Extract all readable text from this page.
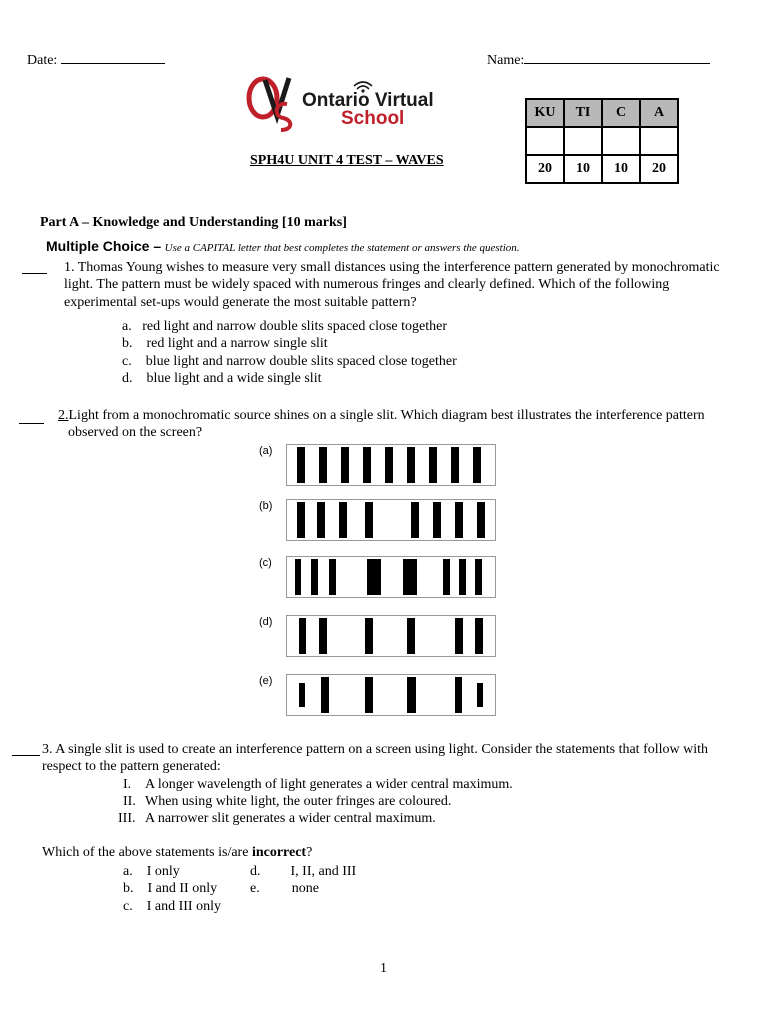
Date:	Name:
Ontario Virtual
School
SPH4U UNIT 4 TEST – WAVES
KU	TI	C	A

20	10	10	20
Part A – Knowledge and Understanding [10 marks]
Multiple Choice – Use a CAPITAL letter that best completes the statement or answers the question.
1. Thomas Young wishes to measure very small distances using the interference pattern generated by monochromatic
light. The pattern must be widely spaced with numerous fringes and clearly defined. Which of the following
experimental set-ups would generate the most suitable pattern?
a. red light and narrow double slits spaced close together
b. red light and a narrow single slit
c. blue light and narrow double slits spaced close together
d. blue light and a wide single slit
2.Light from a monochromatic source shines on a single slit. Which diagram best illustrates the interference pattern
observed on the screen?
(a)
(b)
(c)
(d)
(e)
3. A single slit is used to create an interference pattern on a screen using light. Consider the statements that follow with
respect to the pattern generated:
I. A longer wavelength of light generates a wider central maximum.
II. When using white light, the outer fringes are coloured.
III. A narrower slit generates a wider central maximum.
Which of the above statements is/are incorrect?
a. I only
b. I and II only
c. I and III only
d. I, II, and III
e. none
1
